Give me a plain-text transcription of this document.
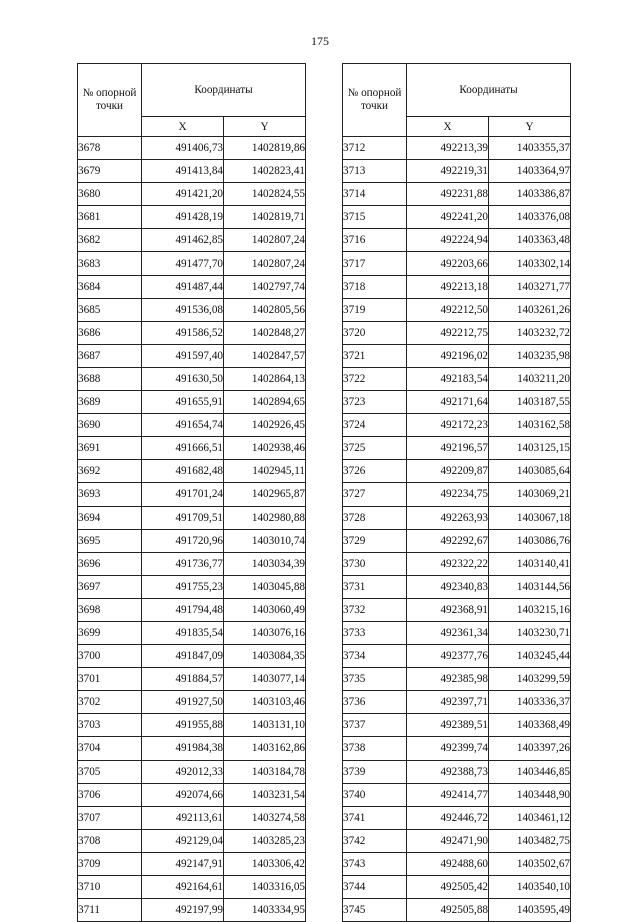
175
№ опорной точки	Координаты	
	X	Y
3678	491406,73	1402819,86
3679	491413,84	1402823,41
3680	491421,20	1402824,55
3681	491428,19	1402819,71
3682	491462,85	1402807,24
3683	491477,70	1402807,24
3684	491487,44	1402797,74
3685	491536,08	1402805,56
3686	491586,52	1402848,27
3687	491597,40	1402847,57
3688	491630,50	1402864,13
3689	491655,91	1402894,65
3690	491654,74	1402926,45
3691	491666,51	1402938,46
3692	491682,48	1402945,11
3693	491701,24	1402965,87
3694	491709,51	1402980,88
3695	491720,96	1403010,74
3696	491736,77	1403034,39
3697	491755,23	1403045,88
3698	491794,48	1403060,49
3699	491835,54	1403076,16
3700	491847,09	1403084,35
3701	491884,57	1403077,14
3702	491927,50	1403103,46
3703	491955,88	1403131,10
3704	491984,38	1403162,86
3705	492012,33	1403184,78
3706	492074,66	1403231,54
3707	492113,61	1403274,58
3708	492129,04	1403285,23
3709	492147,91	1403306,42
3710	492164,61	1403316,05
3711	492197,99	1403334,95
№ опорной точки	Координаты	
	X	Y
3712	492213,39	1403355,37
3713	492219,31	1403364,97
3714	492231,88	1403386,87
3715	492241,20	1403376,08
3716	492224,94	1403363,48
3717	492203,66	1403302,14
3718	492213,18	1403271,77
3719	492212,50	1403261,26
3720	492212,75	1403232,72
3721	492196,02	1403235,98
3722	492183,54	1403211,20
3723	492171,64	1403187,55
3724	492172,23	1403162,58
3725	492196,57	1403125,15
3726	492209,87	1403085,64
3727	492234,75	1403069,21
3728	492263,93	1403067,18
3729	492292,67	1403086,76
3730	492322,22	1403140,41
3731	492340,83	1403144,56
3732	492368,91	1403215,16
3733	492361,34	1403230,71
3734	492377,76	1403245,44
3735	492385,98	1403299,59
3736	492397,71	1403336,37
3737	492389,51	1403368,49
3738	492399,74	1403397,26
3739	492388,73	1403446,85
3740	492414,77	1403448,90
3741	492446,72	1403461,12
3742	492471,90	1403482,75
3743	492488,60	1403502,67
3744	492505,42	1403540,10
3745	492505,88	1403595,49
